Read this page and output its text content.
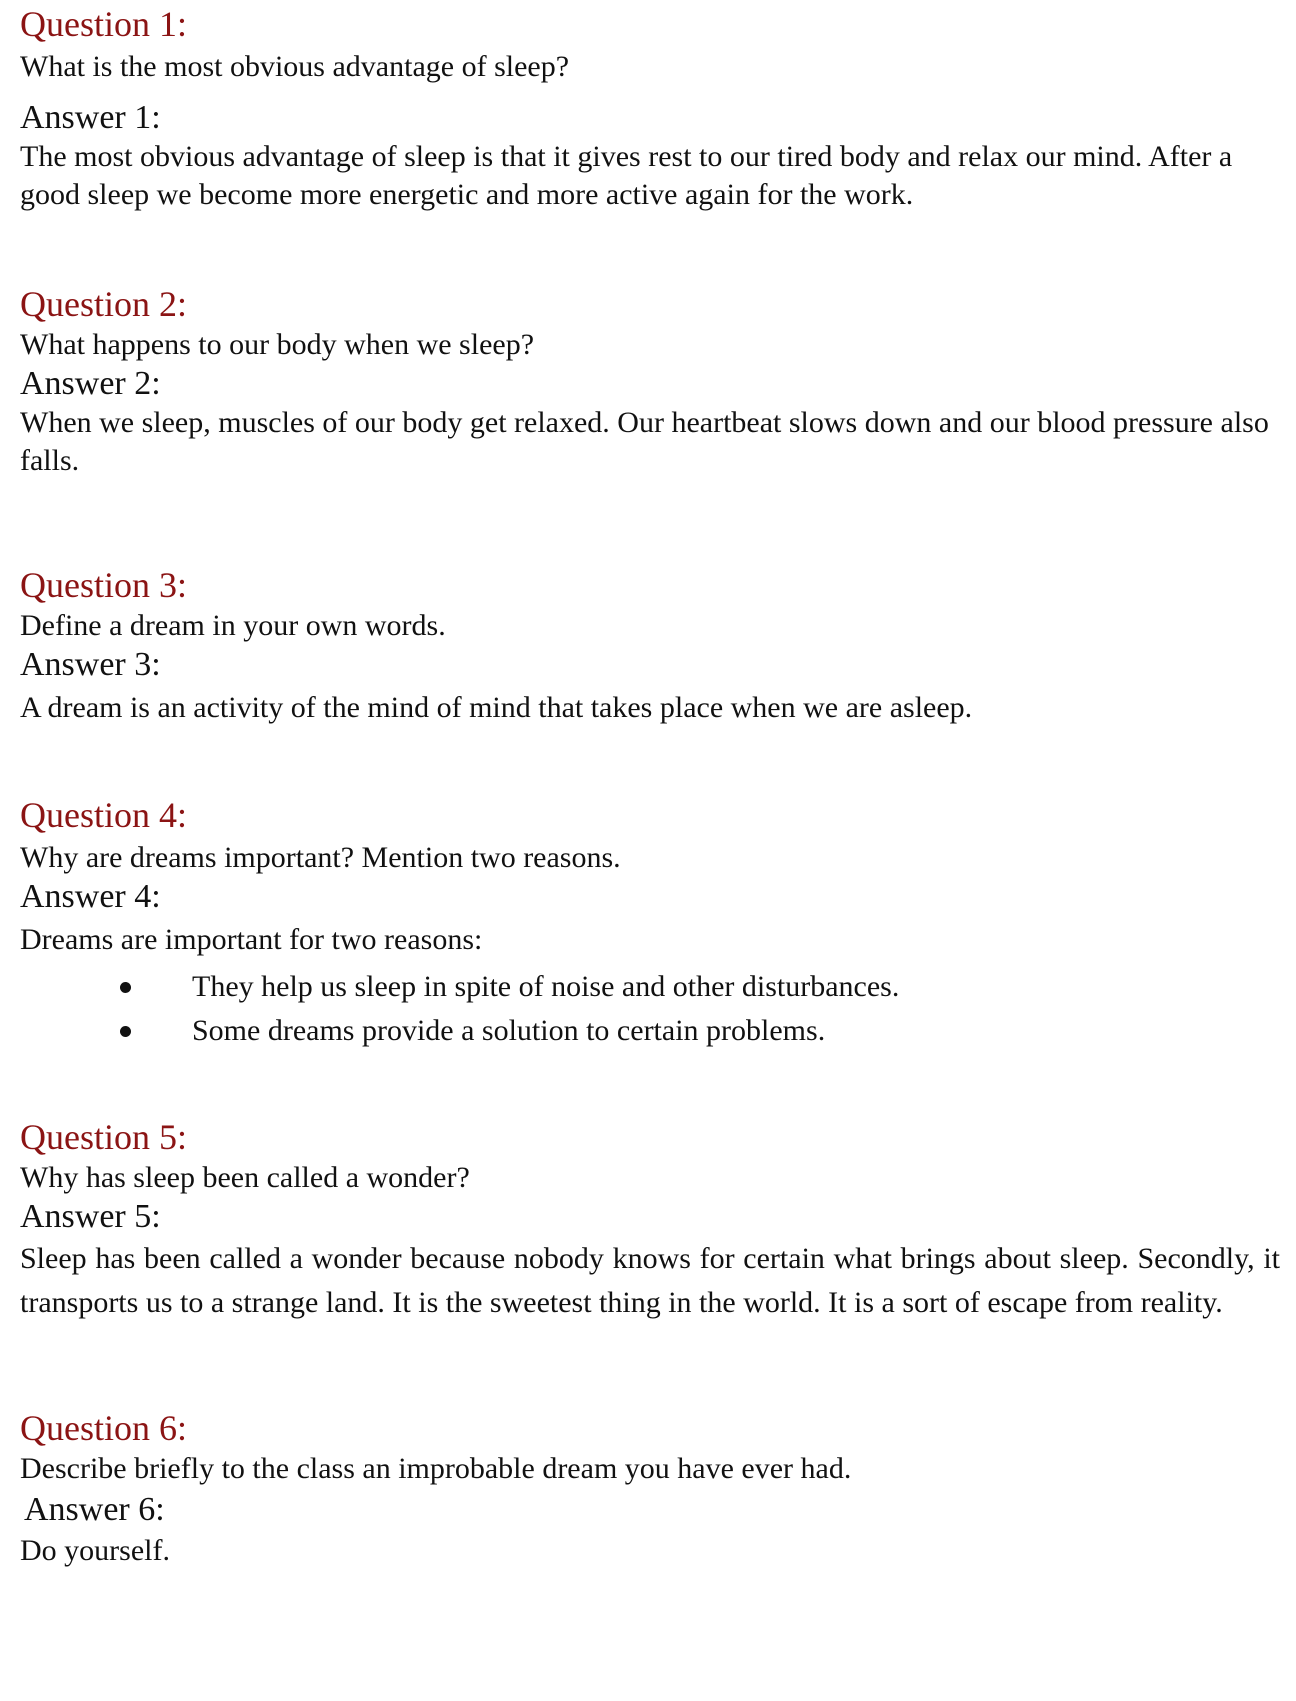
Question 1:

What is the most obvious advantage of sleep?

Answer 1:

The most obvious advantage of sleep is that it gives rest to our tired body and relax our mind. After a good sleep we become more energetic and more active again for the work.

Question 2:

What happens to our body when we sleep?

Answer 2:

When we sleep, muscles of our body get relaxed. Our heartbeat slows down and our blood pressure also falls.

Question 3:

Define a dream in your own words.

Answer 3:

A dream is an activity of the mind of mind that takes place when we are asleep.

Question 4:

Why are dreams important? Mention two reasons.

Answer 4:

Dreams are important for two reasons:

They help us sleep in spite of noise and other disturbances.
Some dreams provide a solution to certain problems.
Question 5:

Why has sleep been called a wonder?

Answer 5:

Sleep has been called a wonder because nobody knows for certain what brings about sleep. Secondly, it transports us to a strange land. It is the sweetest thing in the world. It is a sort of escape from reality.

Question 6:

Describe briefly to the class an improbable dream you have ever had.

Answer 6:

Do yourself.
